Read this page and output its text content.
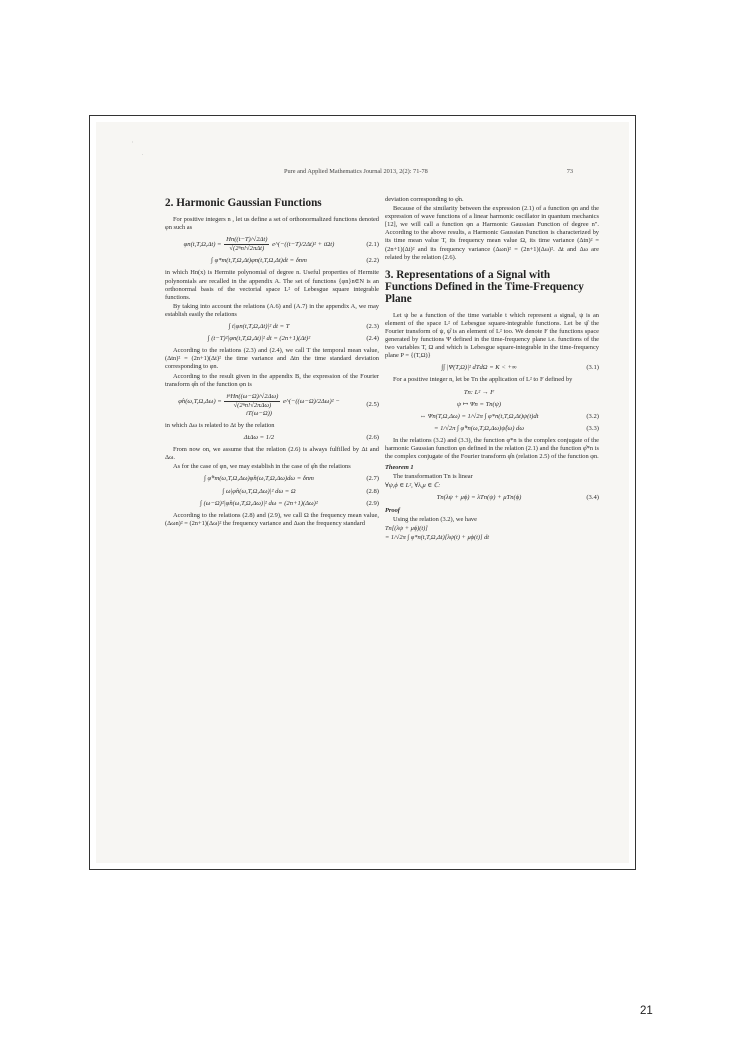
'
.
Pure and Applied Mathematics Journal 2013, 2(2): 71-78	73
2. Harmonic Gaussian Functions

For positive integers n , let us define a set of orthonormalized functions denoted φn such as

$\varphi n(t,T,\Omega,\Delta t) = \frac{Hn((t-T)/√2\Delta t)}{\text{√(2ⁿn!√2πΔt)}}$ e^(−((t−T)/2Δt)² + iΩt)	(2.1)
∫ φ*m(t,T,Ω,Δt)φn(t,T,Ω,Δt)dt = δnm	(2.2)

in which Hn(x) is Hermite polynomial of degree n. Useful properties of Hermite polynomials are recalled in the appendix A. The set of functions {φn}n∈N is an orthonormal basis of the vectorial space L² of Lebesgue square integrable functions.

By taking into account the relations (A.6) and (A.7) in the appendix A, we may establish easily the relations

∫ t|φn(t,T,Ω,Δt)|² dt = T	(2.3)
∫ (t−T)²|φn(t,T,Ω,Δt)|² dt = (2n+1)(Δt)²	(2.4)

According to the relations (2.3) and (2.4), we call T the temporal mean value, (Δtn)² = (2n+1)(Δt)² the time variance and Δtn the time standard deviation corresponding to φn.

According to the result given in the appendix B, the expression of the Fourier transform φ̂n of the function φn is

φ̂n(ω,T,Ω,Δω) = $\frac{\text{iⁿHn((ω−Ω)/√2Δω)}}{\text{√(2ⁿn!√2πΔω)}}$ e^(−((ω−Ω)/2Δω)² − iT(ω−Ω))
(2.5)

in which Δω is related to Δt by the relation

ΔtΔω = 1/2	(2.6)

From now on, we assume that the relation (2.6) is always fulfilled by Δt and Δω.

As for the case of φn, we may establish in the case of φ̂n the relations

∫ φ̂*m(ω,T,Ω,Δω)φ̂n(ω,T,Ω,Δω)dω = δnm	(2.7)
∫ ω|φ̂n(ω,T,Ω,Δω)|² dω = Ω	(2.8)
∫ (ω−Ω)²|φ̂n(ω,T,Ω,Δω)|² dω = (2n+1)(Δω)²	(2.9)

According to the relations (2.8) and (2.9), we call Ω the frequency mean value, (Δωn)² = (2n+1)(Δω)² the frequency variance and Δωn the frequency standard

deviation corresponding to φ̂n.

Because of the similarity between the expression (2.1) of a function φn and the expression of wave functions of a linear harmonic oscillator in quantum mechanics [12], we will call a function φn a Harmonic Gaussian Function of degree n". According to the above results, a Harmonic Gaussian Function is characterized by its time mean value T, its frequency mean value Ω, its time variance (Δtn)² = (2n+1)(Δt)² and its frequency variance (Δωn)² = (2n+1)(Δω)². Δt and Δω are related by the relation (2.6).

3. Representations of a Signal with Functions Defined in the Time-Frequency Plane

Let ψ be a function of the time variable t which represent a signal, ψ is an element of the space L² of Lebesgue square-integrable functions. Let be ψ̂ the Fourier transform of ψ, ψ̂ is an element of L² too. We denote F the functions space generated by functions Ψ defined in the time-frequency plane i.e. functions of the two variables T, Ω and which is Lebesgue square-integrable in the time-frequency plane P = {(T,Ω)}

∫∫ |Ψ(T,Ω)|² dTdΩ = K < +∞	(3.1)

For a positive integer n, let be Tn the application of L² to F defined by

Tn: L² → F
ψ ↦ Ψn = Tn(ψ)
⇔ Ψn(T,Ω,Δω) = 1/√2π ∫ φ*n(t,T,Ω,Δt)ψ(t)dt	(3.2)
= 1/√2π ∫ φ̂*n(ω,T,Ω,Δω)ψ̂(ω) dω	(3.3)

In the relations (3.2) and (3.3), the function φ*n is the complex conjugate of the harmonic Gaussian function φn defined in the relation (2.1) and the function φ̂*n is the complex conjugate of the Fourier transform φ̂n (relation 2.5) of the function φn.

Theorem 1

The transformation Tn is linear

∀ψ,ϕ ∈ L², ∀λ,μ ∈ ℂ:

Tn(λψ + μϕ) = λTn(ψ) + μTn(ϕ)	(3.4)

Proof

Using the relation (3.2), we have

Tn[(λψ + μϕ)(t)]

= 1/√2π ∫ φ*n(t,T,Ω,Δt)[λψ(t) + μϕ(t)] dt

21
